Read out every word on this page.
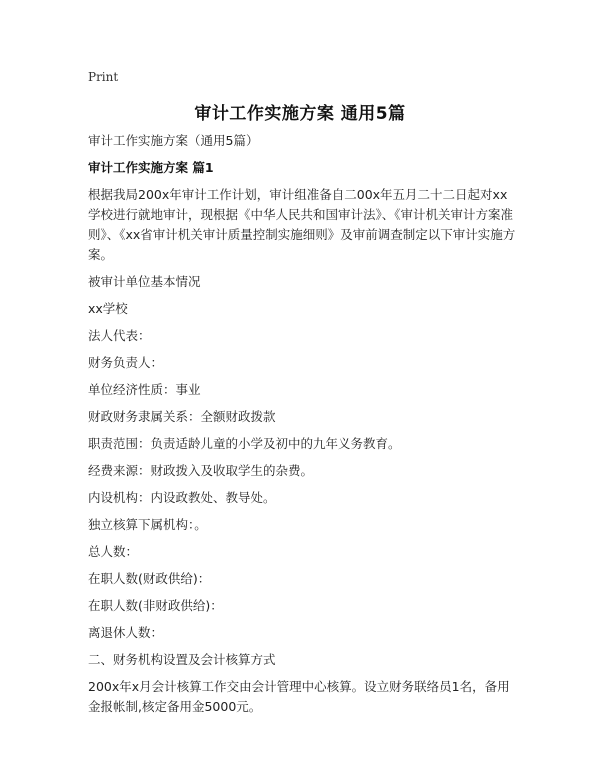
Print
审计工作实施方案 通用5篇

审计工作实施方案（通用5篇）

审计工作实施方案 篇1

根据我局200x年审计工作计划，审计组准备自二00x年五月二十二日起对xx学校进行就地审计，现根据《中华人民共和国审计法》、《审计机关审计方案准则》、《xx省审计机关审计质量控制实施细则》及审前调查制定以下审计实施方案。

被审计单位基本情况

xx学校

法人代表：

财务负责人：

单位经济性质：事业

财政财务隶属关系：全额财政拨款

职责范围：负责适龄儿童的小学及初中的九年义务教育。

经费来源：财政拨入及收取学生的杂费。

内设机构：内设政教处、教导处。

独立核算下属机构：。

总人数：

在职人数(财政供给)：

在职人数(非财政供给)：

离退休人数：

二、财务机构设置及会计核算方式

200x年x月会计核算工作交由会计管理中心核算。设立财务联络员1名，备用金报帐制,核定备用金5000元。
